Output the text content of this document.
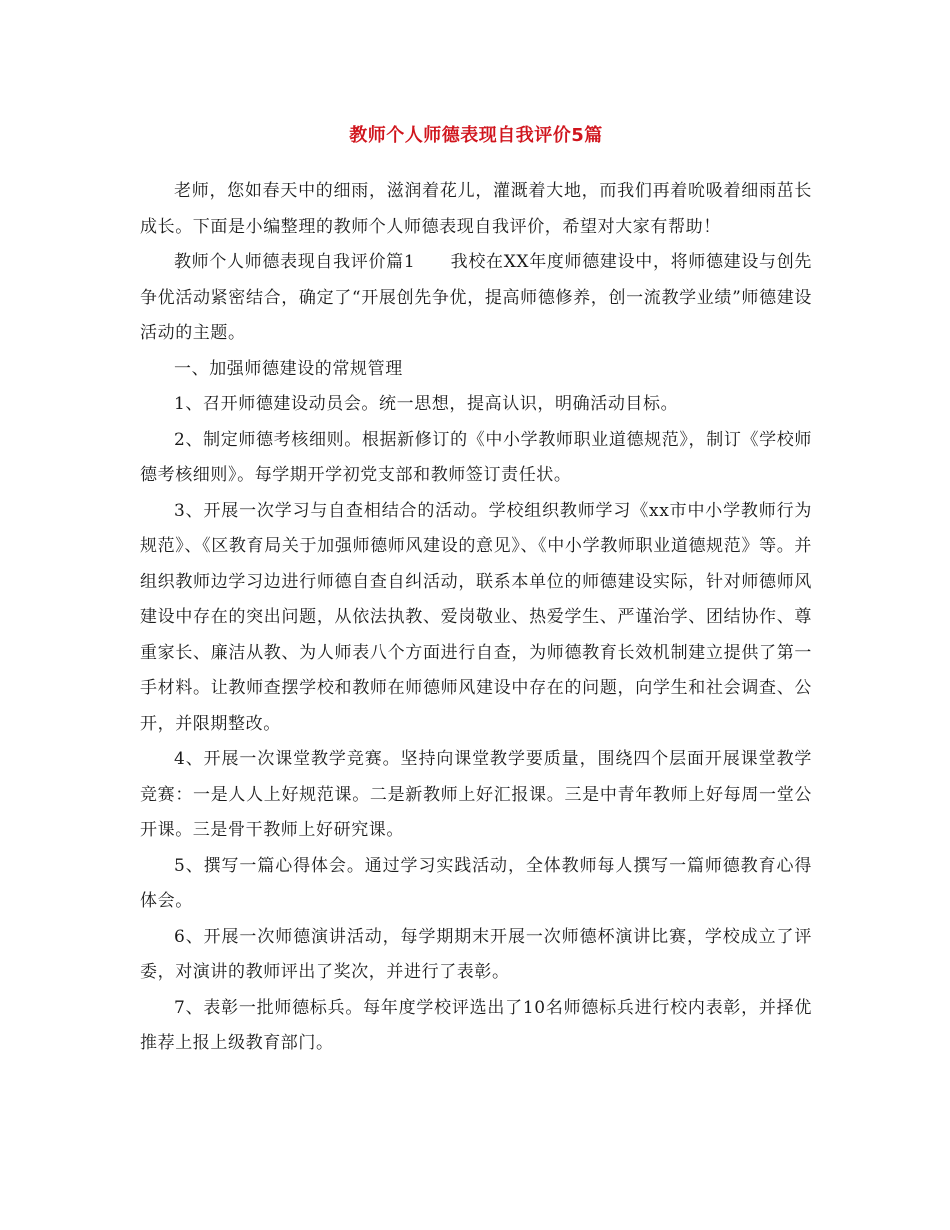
教师个人师德表现自我评价5篇

老师，您如春天中的细雨，滋润着花儿，灌溉着大地，而我们再着吮吸着细雨茁长成长。下面是小编整理的教师个人师德表现自我评价，希望对大家有帮助！

教师个人师德表现自我评价篇1　　我校在XX年度师德建设中，将师德建设与创先争优活动紧密结合，确定了“开展创先争优，提高师德修养，创一流教学业绩”师德建设活动的主题。

一、加强师德建设的常规管理

1、召开师德建设动员会。统一思想，提高认识，明确活动目标。

2、制定师德考核细则。根据新修订的《中小学教师职业道德规范》，制订《学校师德考核细则》。每学期开学初党支部和教师签订责任状。

3、开展一次学习与自查相结合的活动。学校组织教师学习《xx市中小学教师行为规范》、《区教育局关于加强师德师风建设的意见》、《中小学教师职业道德规范》等。并组织教师边学习边进行师德自查自纠活动，联系本单位的师德建设实际，针对师德师风建设中存在的突出问题，从依法执教、爱岗敬业、热爱学生、严谨治学、团结协作、尊重家长、廉洁从教、为人师表八个方面进行自查，为师德教育长效机制建立提供了第一手材料。让教师查摆学校和教师在师德师风建设中存在的问题，向学生和社会调查、公开，并限期整改。

4、开展一次课堂教学竞赛。坚持向课堂教学要质量，围绕四个层面开展课堂教学竞赛：一是人人上好规范课。二是新教师上好汇报课。三是中青年教师上好每周一堂公开课。三是骨干教师上好研究课。

5、撰写一篇心得体会。通过学习实践活动，全体教师每人撰写一篇师德教育心得体会。

6、开展一次师德演讲活动，每学期期末开展一次师德杯演讲比赛，学校成立了评委，对演讲的教师评出了奖次，并进行了表彰。

7、表彰一批师德标兵。每年度学校评选出了10名师德标兵进行校内表彰，并择优推荐上报上级教育部门。
